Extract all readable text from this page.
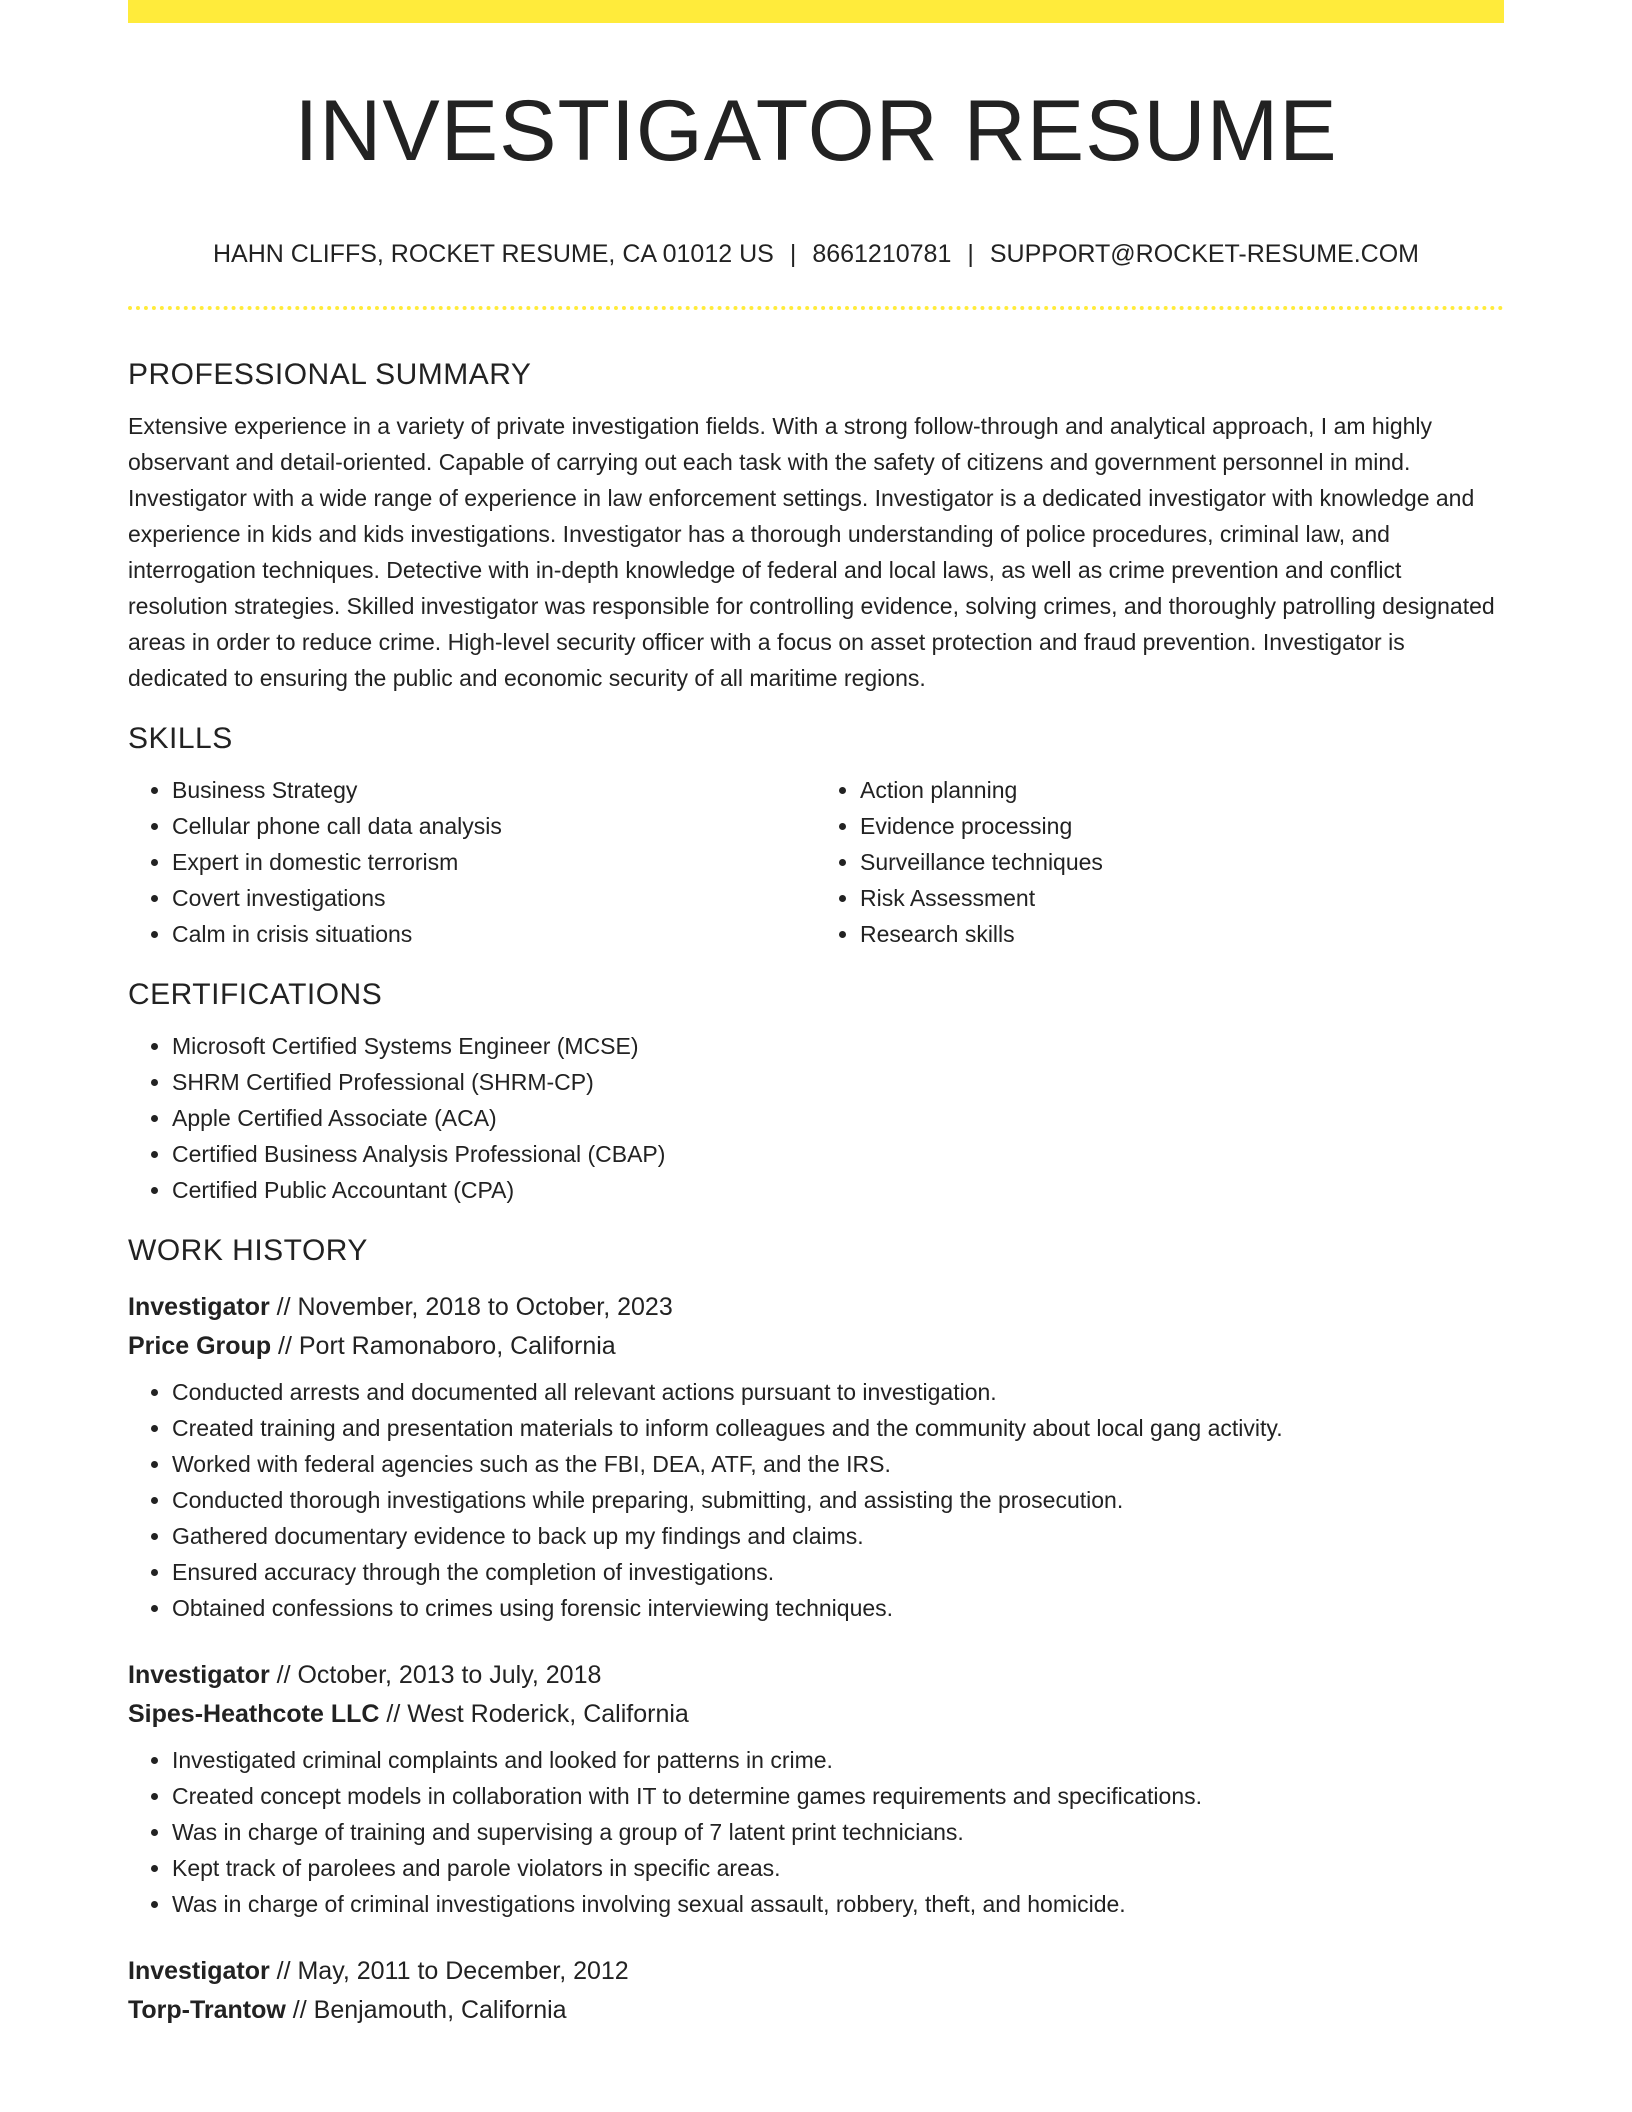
INVESTIGATOR RESUME
HAHN CLIFFS, ROCKET RESUME, CA 01012 US | 8661210781 | SUPPORT@ROCKET-RESUME.COM
PROFESSIONAL SUMMARY

Extensive experience in a variety of private investigation fields. With a strong follow-through and analytical approach, I am highly observant and detail-oriented. Capable of carrying out each task with the safety of citizens and government personnel in mind. Investigator with a wide range of experience in law enforcement settings. Investigator is a dedicated investigator with knowledge and experience in kids and kids investigations. Investigator has a thorough understanding of police procedures, criminal law, and interrogation techniques. Detective with in-depth knowledge of federal and local laws, as well as crime prevention and conflict resolution strategies. Skilled investigator was responsible for controlling evidence, solving crimes, and thoroughly patrolling designated areas in order to reduce crime. High-level security officer with a focus on asset protection and fraud prevention. Investigator is dedicated to ensuring the public and economic security of all maritime regions.

SKILLS
• Business Strategy
• Cellular phone call data analysis
• Expert in domestic terrorism
• Covert investigations
• Calm in crisis situations
• Action planning
• Evidence processing
• Surveillance techniques
• Risk Assessment
• Research skills
CERTIFICATIONS
• Microsoft Certified Systems Engineer (MCSE)
• SHRM Certified Professional (SHRM-CP)
• Apple Certified Associate (ACA)
• Certified Business Analysis Professional (CBAP)
• Certified Public Accountant (CPA)
WORK HISTORY
Investigator // November, 2018 to October, 2023
Price Group // Port Ramonaboro, California
• Conducted arrests and documented all relevant actions pursuant to investigation.
• Created training and presentation materials to inform colleagues and the community about local gang activity.
• Worked with federal agencies such as the FBI, DEA, ATF, and the IRS.
• Conducted thorough investigations while preparing, submitting, and assisting the prosecution.
• Gathered documentary evidence to back up my findings and claims.
• Ensured accuracy through the completion of investigations.
• Obtained confessions to crimes using forensic interviewing techniques.
Investigator // October, 2013 to July, 2018
Sipes-Heathcote LLC // West Roderick, California
• Investigated criminal complaints and looked for patterns in crime.
• Created concept models in collaboration with IT to determine games requirements and specifications.
• Was in charge of training and supervising a group of 7 latent print technicians.
• Kept track of parolees and parole violators in specific areas.
• Was in charge of criminal investigations involving sexual assault, robbery, theft, and homicide.
Investigator // May, 2011 to December, 2012
Torp-Trantow // Benjamouth, California
